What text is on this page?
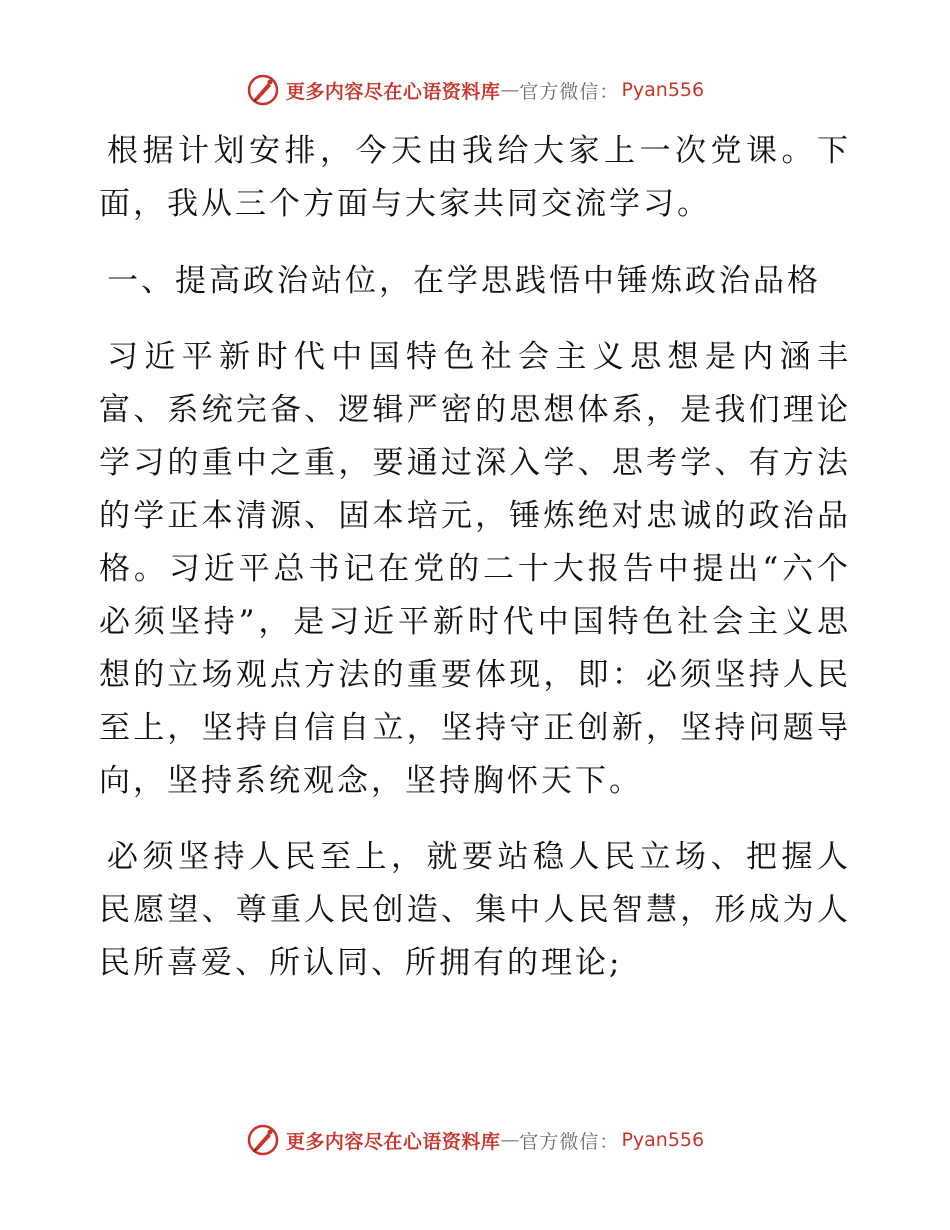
更多内容尽在心语资料库 — 官方微信： Pyan556

根据计划安排，今天由我给大家上一次党课。下面，我从三个方面与大家共同交流学习。

一、提高政治站位，在学思践悟中锤炼政治品格

习近平新时代中国特色社会主义思想是内涵丰富、系统完备、逻辑严密的思想体系，是我们理论学习的重中之重，要通过深入学、思考学、有方法的学正本清源、固本培元，锤炼绝对忠诚的政治品格。习近平总书记在党的二十大报告中提出“六个必须坚持”，是习近平新时代中国特色社会主义思想的立场观点方法的重要体现，即：必须坚持人民至上，坚持自信自立，坚持守正创新，坚持问题导向，坚持系统观念，坚持胸怀天下。

必须坚持人民至上，就要站稳人民立场、把握人民愿望、尊重人民创造、集中人民智慧，形成为人民所喜爱、所认同、所拥有的理论;

更多内容尽在心语资料库 — 官方微信： Pyan556
